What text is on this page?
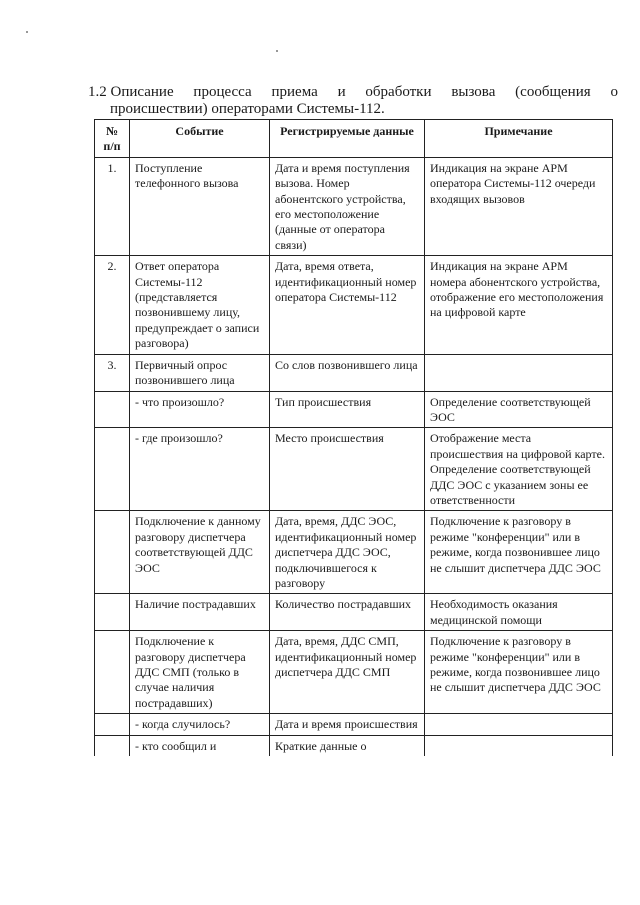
1.2 Описание процесса приема и обработки вызова (сообщения о
происшествии) операторами Системы-112.
№ п/п	Событие	Регистрируемые данные	Примечание
1.	Поступление телефонного вызова	Дата и время поступления вызова. Номер абонентского устройства, его местоположение (данные от оператора связи)	Индикация на экране АРМ оператора Системы-112 очереди входящих вызовов
2.	Ответ оператора Системы-112 (представляется позвонившему лицу, предупреждает о записи разговора)	Дата, время ответа, идентификационный номер оператора Системы-112	Индикация на экране АРМ номера абонентского устройства, отображение его местоположения на цифровой карте
3.	Первичный опрос позвонившего лица	Со слов позвонившего лица	
	- что произошло?	Тип происшествия	Определение соответствующей ЭОС
	- где произошло?	Место происшествия	Отображение места происшествия на цифровой карте. Определение соответствующей ДДС ЭОС с указанием зоны ее ответственности
	Подключение к данному разговору диспетчера соответствующей ДДС ЭОС	Дата, время, ДДС ЭОС, идентификационный номер диспетчера ДДС ЭОС, подключившегося к разговору	Подключение к разговору в режиме "конференции" или в режиме, когда позвонившее лицо не слышит диспетчера ДДС ЭОС
	Наличие пострадавших	Количество пострадавших	Необходимость оказания медицинской помощи
	Подключение к разговору диспетчера ДДС СМП (только в случае наличия пострадавших)	Дата, время, ДДС СМП, идентификационный номер диспетчера ДДС СМП	Подключение к разговору в режиме "конференции" или в режиме, когда позвонившее лицо не слышит диспетчера ДДС ЭОС
	- когда случилось?	Дата и время происшествия	
	- кто сообщил и	Краткие данные о	
